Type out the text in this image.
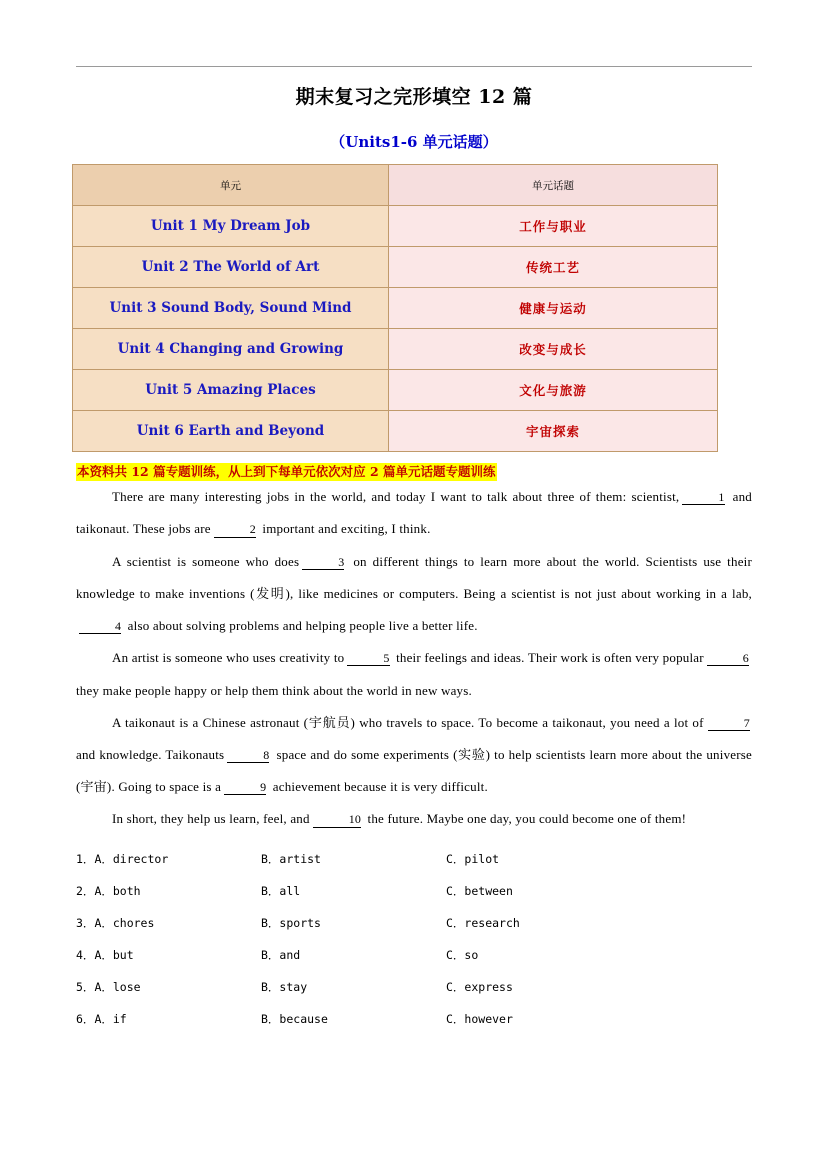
期末复习之完形填空 12 篇
（Units1-6 单元话题）
单元	单元话题
Unit 1 My Dream Job	工作与职业
Unit 2 The World of Art	传统工艺
Unit 3 Sound Body, Sound Mind	健康与运动
Unit 4 Changing and Growing	改变与成长
Unit 5 Amazing Places	文化与旅游
Unit 6 Earth and Beyond	宇宙探索
本资料共 12 篇专题训练，从上到下每单元依次对应 2 篇单元话题专题训练

There are many interesting jobs in the world, and today I want to talk about three of them: scientist,	1 and taikonaut. These jobs are	2 important and exciting, I think.

A scientist is someone who does	3 on different things to learn more about the world. Scientists use their knowledge to make inventions (发明), like medicines or computers. Being a scientist is not just about working in a lab,4 also about solving problems and helping people live a better life.

An artist is someone who uses creativity to	5 their feelings and ideas. Their work is often very popular	6 they make people happy or help them think about the world in new ways.

A taikonaut is a Chinese astronaut (宇航员) who travels to space. To become a taikonaut, you need a lot of	7 and knowledge. Taikonauts	8 space and do some experiments (实验) to help scientists learn more about the universe (宇宙). Going to space is a	9 achievement because it is very difficult.

In short, they help us learn, feel, and	10 the future. Maybe one day, you could become one of them!

1．A．director	B．artist	C．pilot
2．A．both	B．all	C．between
3．A．chores	B．sports	C．research
4．A．but	B．and	C．so
5．A．lose	B．stay	C．express
6．A．if	B．because	C．however
